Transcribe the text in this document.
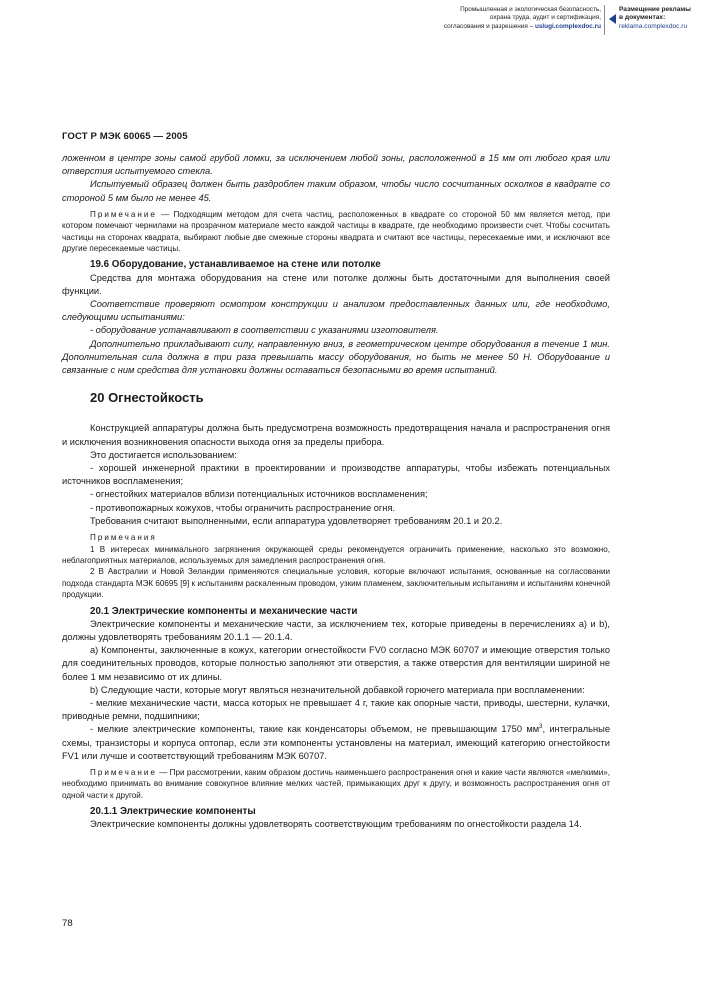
Промышленная и экологическая безопасность,
охрана труда, аудит и сертификация,
согласования и разрешения – uslugi.complexdoc.ru
Размещение рекламы
в документах:
reklama.complexdoc.ru
ГОСТ Р МЭК 60065 — 2005

ложенном в центре зоны самой грубой ломки, за исключением любой зоны, расположенной в 15 мм от любого края или отверстия испытуемого стекла.

Испытуемый образец должен быть раздроблен таким образом, чтобы число сосчитанных осколков в квадрате со стороной 5 мм было не менее 45.

Примечание — Подходящим методом для счета частиц, расположенных в квадрате со стороной 50 мм является метод, при котором помечают чернилами на прозрачном материале место каждой частицы в квадрате, где необходимо произвести счет. Чтобы сосчитать частицы на сторонах квадрата, выбирают любые две смежные стороны квадрата и считают все частицы, пересекаемые ими, и исключают все другие пересекаемые частицы.

19.6 Оборудование, устанавливаемое на стене или потолке

Средства для монтажа оборудования на стене или потолке должны быть достаточными для выполнения своей функции.

Соответствие проверяют осмотром конструкции и анализом предоставленных данных или, где необходимо, следующими испытаниями:

- оборудование устанавливают в соответствии с указаниями изготовителя.

Дополнительно прикладывают силу, направленную вниз, в геометрическом центре оборудования в течение 1 мин. Дополнительная сила должна в три раза превышать массу оборудования, но быть не менее 50 Н. Оборудование и связанные с ним средства для установки должны оставаться безопасными во время испытаний.

20 Огнестойкость

Конструкцией аппаратуры должна быть предусмотрена возможность предотвращения начала и распространения огня и исключения возникновения опасности выхода огня за пределы прибора.

Это достигается использованием:

- хорошей инженерной практики в проектировании и производстве аппаратуры, чтобы избежать потенциальных источников воспламенения;

- огнестойких материалов вблизи потенциальных источников воспламенения;

- противопожарных кожухов, чтобы ограничить распространение огня.

Требования считают выполненными, если аппаратура удовлетворяет требованиям 20.1 и 20.2.

Примечания

1 В интересах минимального загрязнения окружающей среды рекомендуется ограничить применение, насколько это возможно, неблагоприятных материалов, используемых для замедления распространения огня.

2 В Австралии и Новой Зеландии применяются специальные условия, которые включают испытания, основанные на согласовании подхода стандарта МЭК 60695 [9] к испытаниям раскаленным проводом, узким пламенем, заключительным испытаниям и испытаниям конечной продукции.

20.1 Электрические компоненты и механические части

Электрические компоненты и механические части, за исключением тех, которые приведены в перечислениях а) и b), должны удовлетворять требованиям 20.1.1 — 20.1.4.

а) Компоненты, заключенные в кожух, категории огнестойкости FV0 согласно МЭК 60707 и имеющие отверстия только для соединительных проводов, которые полностью заполняют эти отверстия, а также отверстия для вентиляции шириной не более 1 мм независимо от их длины.

b) Следующие части, которые могут являться незначительной добавкой горючего материала при воспламенении:

- мелкие механические части, масса которых не превышает 4 г, такие как опорные части, приводы, шестерни, кулачки, приводные ремни, подшипники;

- мелкие электрические компоненты, такие как конденсаторы объемом, не превышающим 1750 $мм^3$, интегральные схемы, транзисторы и корпуса оптопар, если эти компоненты установлены на материал, имеющий категорию огнестойкости FV1 или лучше и соответствующий требованиям МЭК 60707.

Примечание — При рассмотрении, каким образом достичь наименьшего распространения огня и какие части являются «мелкими», необходимо принимать во внимание совокупное влияние мелких частей, примыкающих друг к другу, и возможность распространения огня от одной части к другой.

20.1.1 Электрические компоненты

Электрические компоненты должны удовлетворять соответствующим требованиям по огнестойкости раздела 14.

78
